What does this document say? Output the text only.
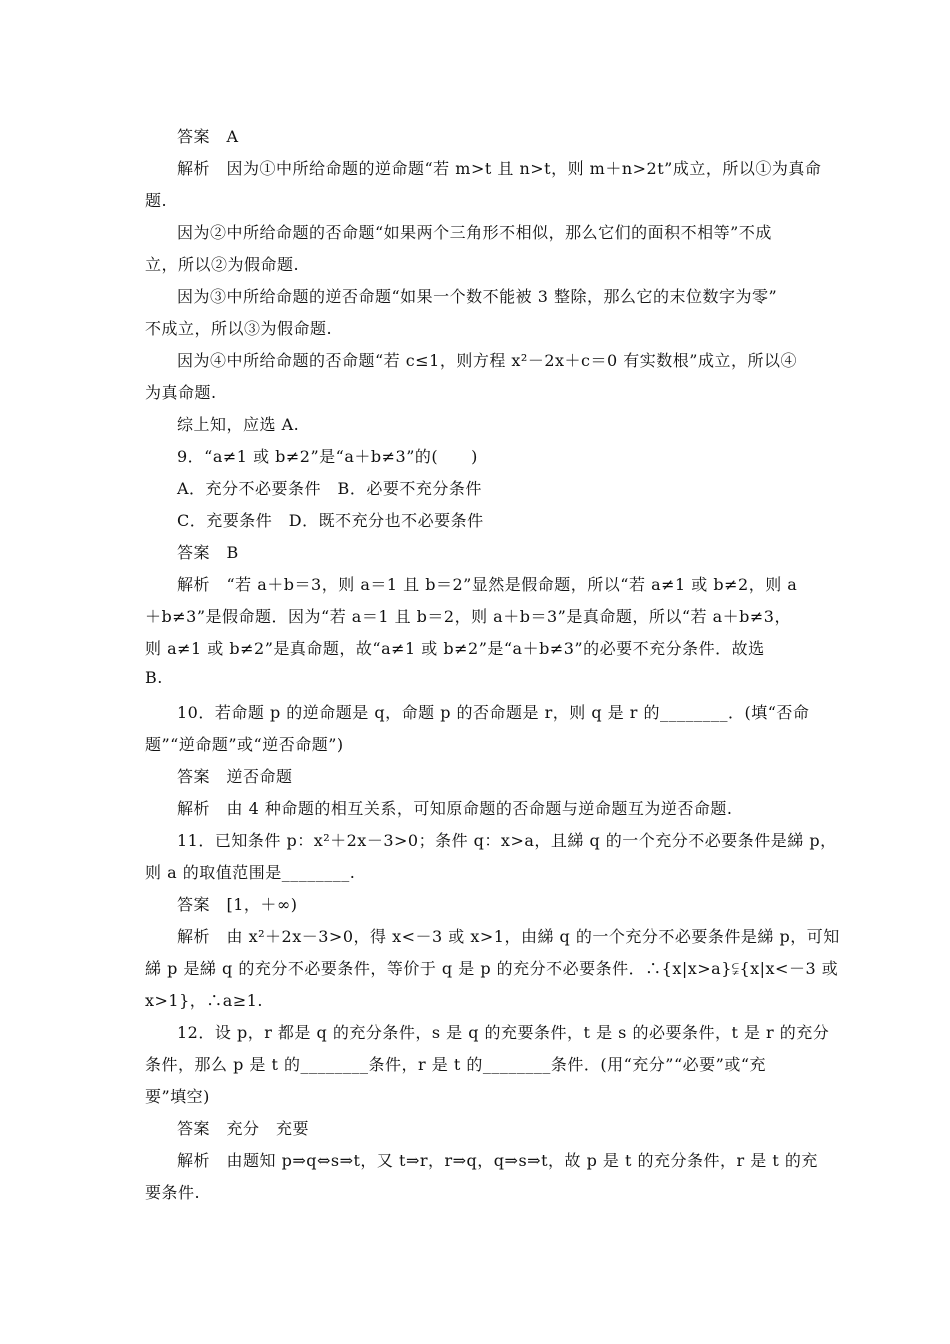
答案　A
解析　因为①中所给命题的逆命题“若 m>t 且 n>t，则 m＋n>2t”成立，所以①为真命
题.
因为②中所给命题的否命题“如果两个三角形不相似，那么它们的面积不相等”不成
立，所以②为假命题.
因为③中所给命题的逆否命题“如果一个数不能被 3 整除，那么它的末位数字为零”
不成立，所以③为假命题.
因为④中所给命题的否命题“若 c≤1，则方程 x²－2x＋c＝0 有实数根”成立，所以④
为真命题.
综上知，应选 A.
9．“a≠1 或 b≠2”是“a＋b≠3”的(　　)
A．充分不必要条件　B．必要不充分条件
C．充要条件　D．既不充分也不必要条件
答案　B
解析　“若 a＋b＝3，则 a＝1 且 b＝2”显然是假命题，所以“若 a≠1 或 b≠2，则 a
＋b≠3”是假命题．因为“若 a＝1 且 b＝2，则 a＋b＝3”是真命题，所以“若 a＋b≠3，
则 a≠1 或 b≠2”是真命题，故“a≠1 或 b≠2”是“a＋b≠3”的必要不充分条件．故选
B.
10．若命题 p 的逆命题是 q，命题 p 的否命题是 r，则 q 是 r 的________．(填“否命
题”“逆命题”或“逆否命题”)
答案　逆否命题
解析　由 4 种命题的相互关系，可知原命题的否命题与逆命题互为逆否命题.
11．已知条件 p：x²＋2x－3>0；条件 q：x>a，且綈 q 的一个充分不必要条件是綈 p，
则 a 的取值范围是________.
答案　[1，＋∞)
解析　由 x²＋2x－3>0，得 x<－3 或 x>1，由綈 q 的一个充分不必要条件是綈 p，可知
綈 p 是綈 q 的充分不必要条件，等价于 q 是 p 的充分不必要条件．∴{x|x>a}⫋{x|x<－3 或
x>1}，∴a≥1.
12．设 p，r 都是 q 的充分条件，s 是 q 的充要条件，t 是 s 的必要条件，t 是 r 的充分
条件，那么 p 是 t 的________条件，r 是 t 的________条件．(用“充分”“必要”或“充
要”填空)
答案　充分　充要
解析　由题知 p⇒q⇔s⇒t，又 t⇒r，r⇒q，q⇒s⇒t，故 p 是 t 的充分条件，r 是 t 的充
要条件.
